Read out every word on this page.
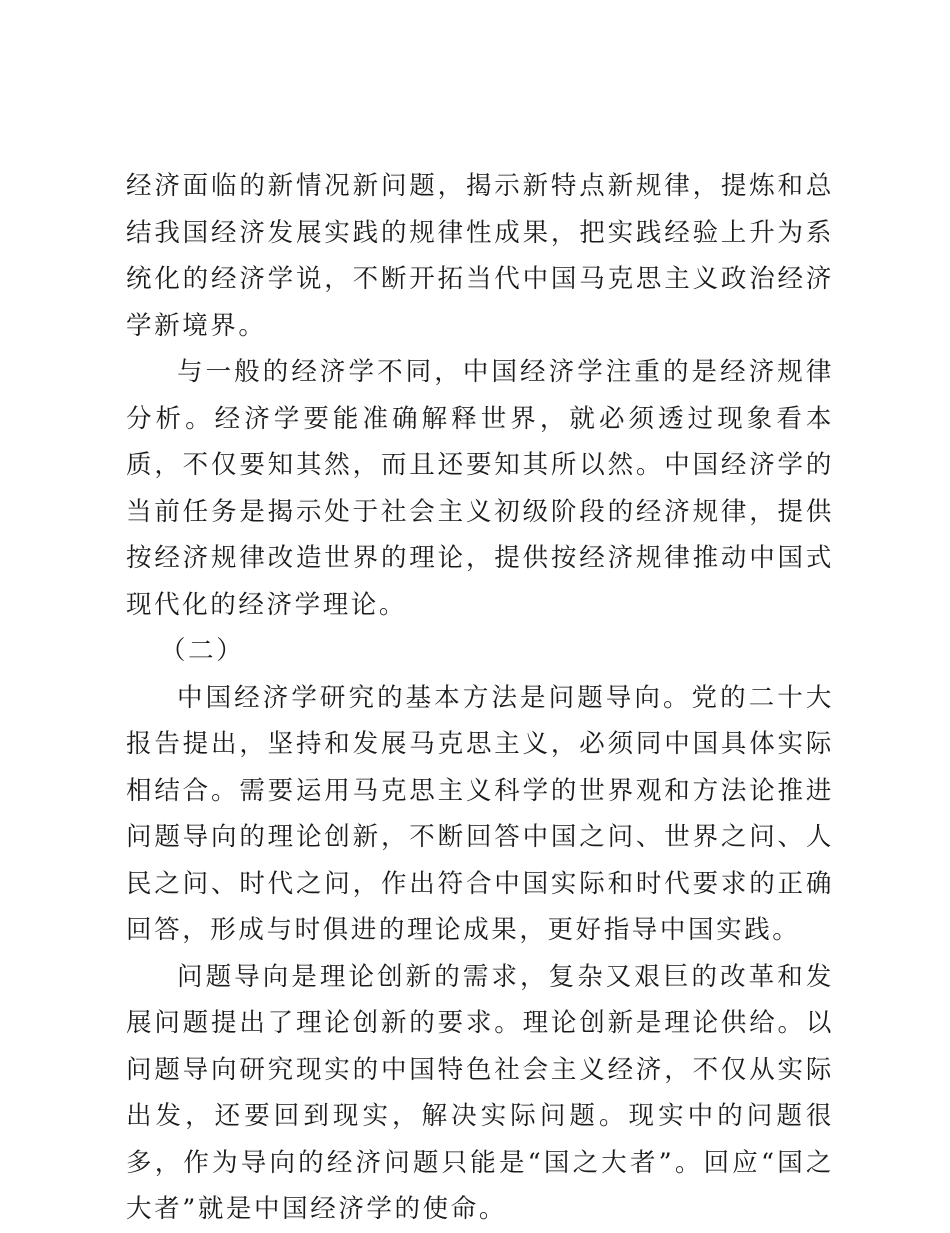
经济面临的新情况新问题，揭示新特点新规律，提炼和总结我国经济发展实践的规律性成果，把实践经验上升为系统化的经济学说，不断开拓当代中国马克思主义政治经济学新境界。

与一般的经济学不同，中国经济学注重的是经济规律分析。经济学要能准确解释世界，就必须透过现象看本质，不仅要知其然，而且还要知其所以然。中国经济学的当前任务是揭示处于社会主义初级阶段的经济规律，提供按经济规律改造世界的理论，提供按经济规律推动中国式现代化的经济学理论。

（二）

中国经济学研究的基本方法是问题导向。党的二十大报告提出，坚持和发展马克思主义，必须同中国具体实际相结合。需要运用马克思主义科学的世界观和方法论推进问题导向的理论创新，不断回答中国之问、世界之问、人民之问、时代之问，作出符合中国实际和时代要求的正确回答，形成与时俱进的理论成果，更好指导中国实践。

问题导向是理论创新的需求，复杂又艰巨的改革和发展问题提出了理论创新的要求。理论创新是理论供给。以问题导向研究现实的中国特色社会主义经济，不仅从实际出发，还要回到现实，解决实际问题。现实中的问题很多，作为导向的经济问题只能是“国之大者”。回应“国之大者”就是中国经济学的使命。
